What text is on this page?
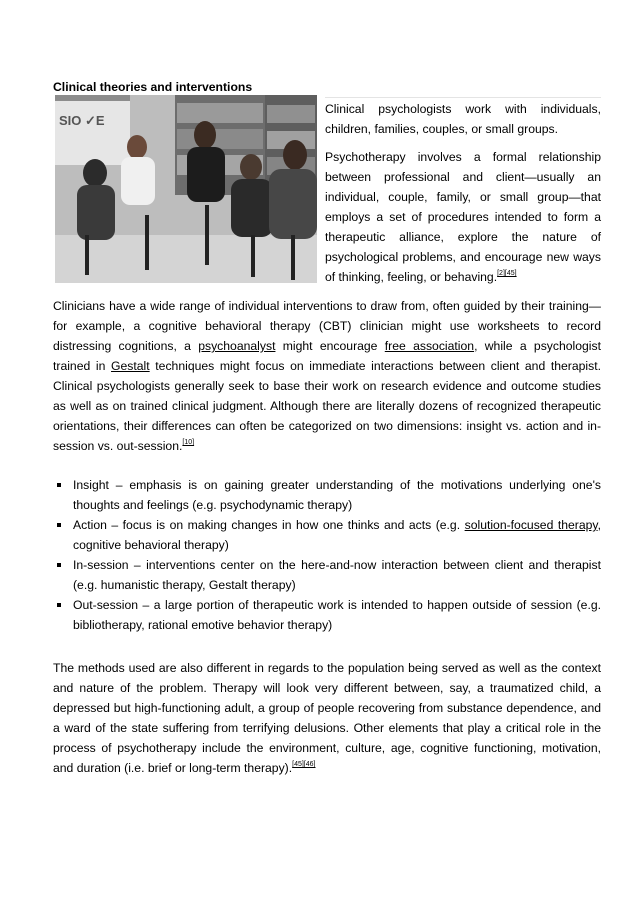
Clinical theories and interventions
SIO ✓E

Clinical psychologists work with individuals, children, families, couples, or small groups.

Psychotherapy involves a formal relationship between professional and client—usually an individual, couple, family, or small group—that employs a set of procedures intended to form a therapeutic alliance, explore the nature of psychological problems, and encourage new ways of thinking, feeling, or behaving.[2][45]

Clinicians have a wide range of individual interventions to draw from, often guided by their training—for example, a cognitive behavioral therapy (CBT) clinician might use worksheets to record distressing cognitions, a psychoanalyst might encourage free association, while a psychologist trained in Gestalt techniques might focus on immediate interactions between client and therapist. Clinical psychologists generally seek to base their work on research evidence and outcome studies as well as on trained clinical judgment. Although there are literally dozens of recognized therapeutic orientations, their differences can often be categorized on two dimensions: insight vs. action and in-session vs. out-session.[10]

Insight – emphasis is on gaining greater understanding of the motivations underlying one's thoughts and feelings (e.g. psychodynamic therapy)
Action – focus is on making changes in how one thinks and acts (e.g. solution-focused therapy, cognitive behavioral therapy)
In-session – interventions center on the here-and-now interaction between client and therapist (e.g. humanistic therapy, Gestalt therapy)
Out-session – a large portion of therapeutic work is intended to happen outside of session (e.g. bibliotherapy, rational emotive behavior therapy)

The methods used are also different in regards to the population being served as well as the context and nature of the problem. Therapy will look very different between, say, a traumatized child, a depressed but high-functioning adult, a group of people recovering from substance dependence, and a ward of the state suffering from terrifying delusions. Other elements that play a critical role in the process of psychotherapy include the environment, culture, age, cognitive functioning, motivation, and duration (i.e. brief or long-term therapy).[45][46]
